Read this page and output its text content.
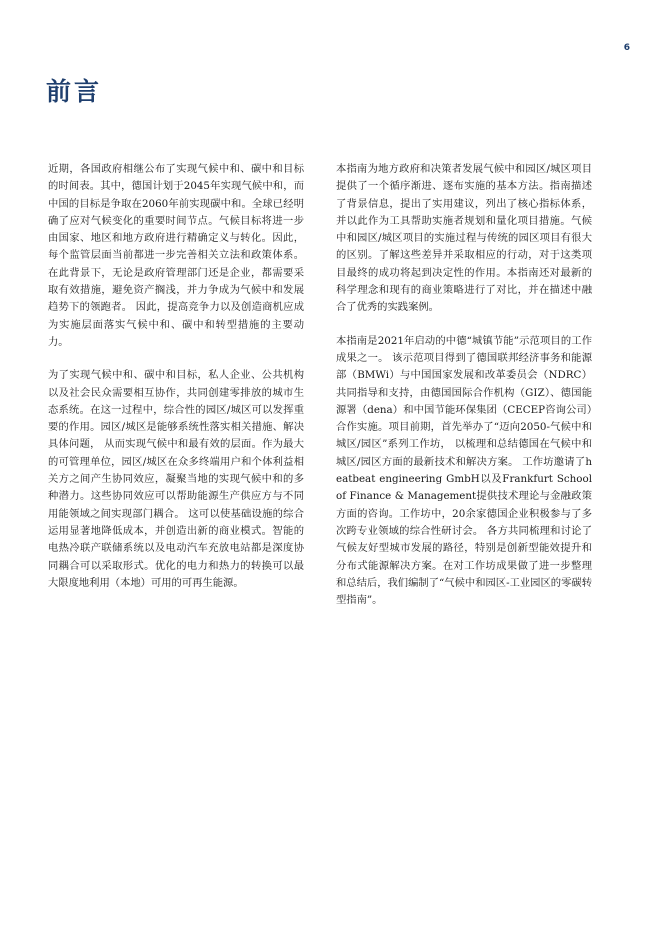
6
前言

近期，各国政府相继公布了实现气候中和、碳中和目标的时间表。其中，德国计划于2045年实现气候中和，而中国的目标是争取在2060年前实现碳中和。全球已经明确了应对气候变化的重要时间节点。气候目标将进一步由国家、地区和地方政府进行精确定义与转化。因此，每个监管层面当前都进一步完善相关立法和政策体系。在此背景下，无论是政府管理部门还是企业，都需要采取有效措施，避免资产搁浅，并力争成为气候中和发展趋势下的领跑者。 因此，提高竞争力以及创造商机应成为实施层面落实气候中和、碳中和转型措施的主要动力。

为了实现气候中和、碳中和目标，私人企业、公共机构以及社会民众需要相互协作，共同创建零排放的城市生态系统。在这一过程中，综合性的园区/城区可以发挥重要的作用。园区/城区是能够系统性落实相关措施、解决具体问题， 从而实现气候中和最有效的层面。作为最大的可管理单位，园区/城区在众多终端用户和个体利益相关方之间产生协同效应，凝聚当地的实现气候中和的多种潜力。这些协同效应可以帮助能源生产供应方与不同用能领域之间实现部门耦合。 这可以使基础设施的综合运用显著地降低成本，并创造出新的商业模式。智能的电热冷联产联储系统以及电动汽车充放电站都是深度协同耦合可以采取形式。优化的电力和热力的转换可以最大限度地利用（本地）可用的可再生能源。

本指南为地方政府和决策者发展气候中和园区/城区项目提供了一个循序渐进、逐布实施的基本方法。指南描述了背景信息，提出了实用建议，列出了核心指标体系，并以此作为工具帮助实施者规划和量化项目措施。气候中和园区/城区项目的实施过程与传统的园区项目有很大的区别。了解这些差异并采取相应的行动，对于这类项目最终的成功将起到决定性的作用。本指南还对最新的科学理念和现有的商业策略进行了对比，并在描述中融合了优秀的实践案例。

本指南是2021年启动的中德“城镇节能”示范项目的工作成果之一。 该示范项目得到了德国联邦经济事务和能源部（BMWi）与中国国家发展和改革委员会（NDRC）共同指导和支持，由德国国际合作机构（GIZ）、德国能源署（dena）和中国节能环保集团（CECEP咨询公司）合作实施。项目前期，首先举办了“迈向2050-气候中和城区/园区”系列工作坊， 以梳理和总结德国在气候中和城区/园区方面的最新技术和解决方案。 工作坊邀请了heatbeat engineering GmbH以及Frankfurt School of Finance & Management提供技术理论与金融政策方面的咨询。工作坊中，20余家德国企业积极参与了多次跨专业领域的综合性研讨会。 各方共同梳理和讨论了气候友好型城市发展的路径，特别是创新型能效提升和分布式能源解决方案。在对工作坊成果做了进一步整理和总结后，我们编制了“气候中和园区-工业园区的零碳转型指南”。
